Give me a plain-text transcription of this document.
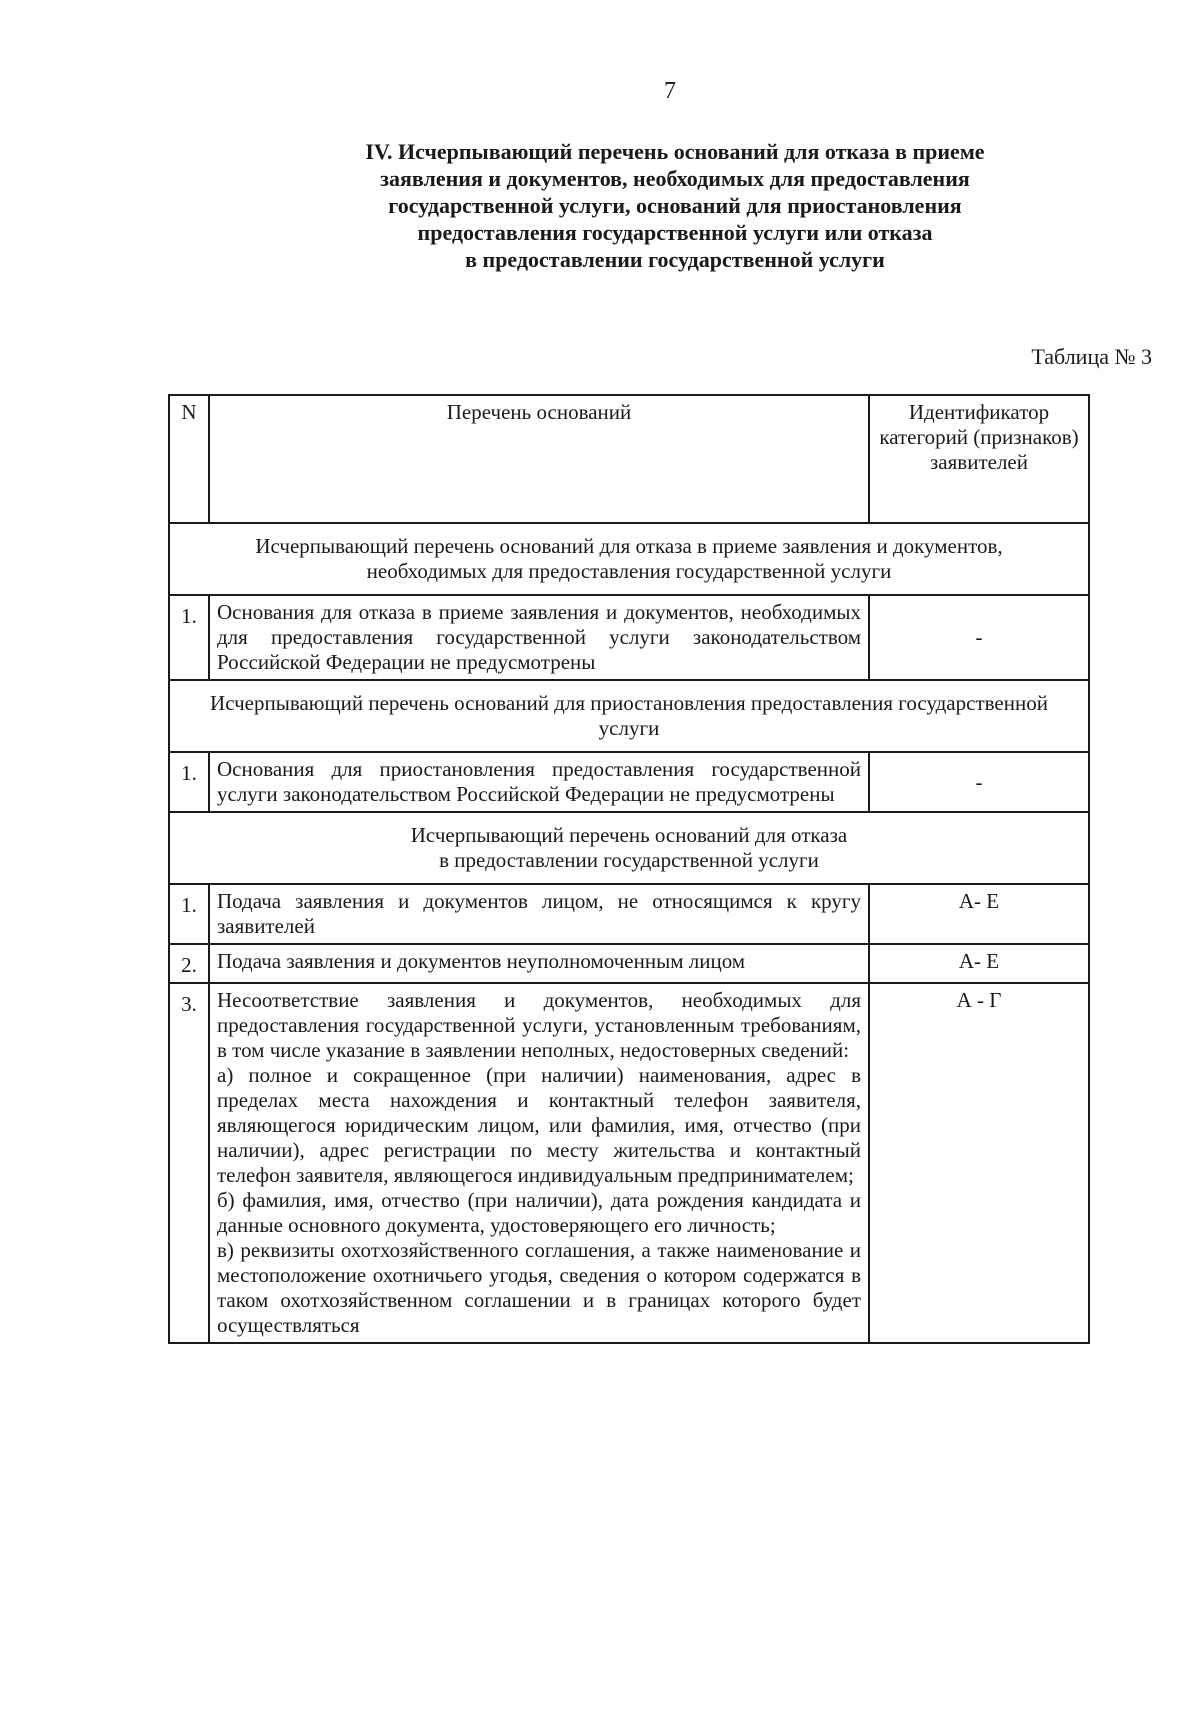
7
IV. Исчерпывающий перечень оснований для отказа в приеме
заявления и документов, необходимых для предоставления
государственной услуги, оснований для приостановления
предоставления государственной услуги или отказа
в предоставлении государственной услуги
Таблица № 3
N	Перечень оснований	Идентификатор категорий (признаков) заявителей
Исчерпывающий перечень оснований для отказа в приеме заявления и документов, необходимых для предоставления государственной услуги		
1.	Основания для отказа в приеме заявления и документов, необходимых для предоставления государственной услуги законодательством Российской Федерации не предусмотрены	-
Исчерпывающий перечень оснований для приостановления предоставления государственной услуги		
1.	Основания для приостановления предоставления государственной услуги законодательством Российской Федерации не предусмотрены	-

Исчерпывающий перечень оснований для отказа
в предоставлении государственной услуги		

1.	Подача заявления и документов лицом, не относящимся к кругу заявителей	А- Е
2.	Подача заявления и документов неуполномоченным лицом	А- Е
3.	Несоответствие заявления и документов, необходимых для предоставления государственной услуги, установленным требованиям, в том числе указание в заявлении неполных, недостоверных сведений:
а) полное и сокращенное (при наличии) наименования, адрес в пределах места нахождения и контактный телефон заявителя, являющегося юридическим лицом, или фамилия, имя, отчество (при наличии), адрес регистрации по месту жительства и контактный телефон заявителя, являющегося индивидуальным предпринимателем;
б) фамилия, имя, отчество (при наличии), дата рождения кандидата и данные основного документа, удостоверяющего его личность;
в) реквизиты охотхозяйственного соглашения, а также наименование и местоположение охотничьего угодья, сведения о котором содержатся в таком охотхозяйственном соглашении и в границах которого будет осуществляться	А - Г
